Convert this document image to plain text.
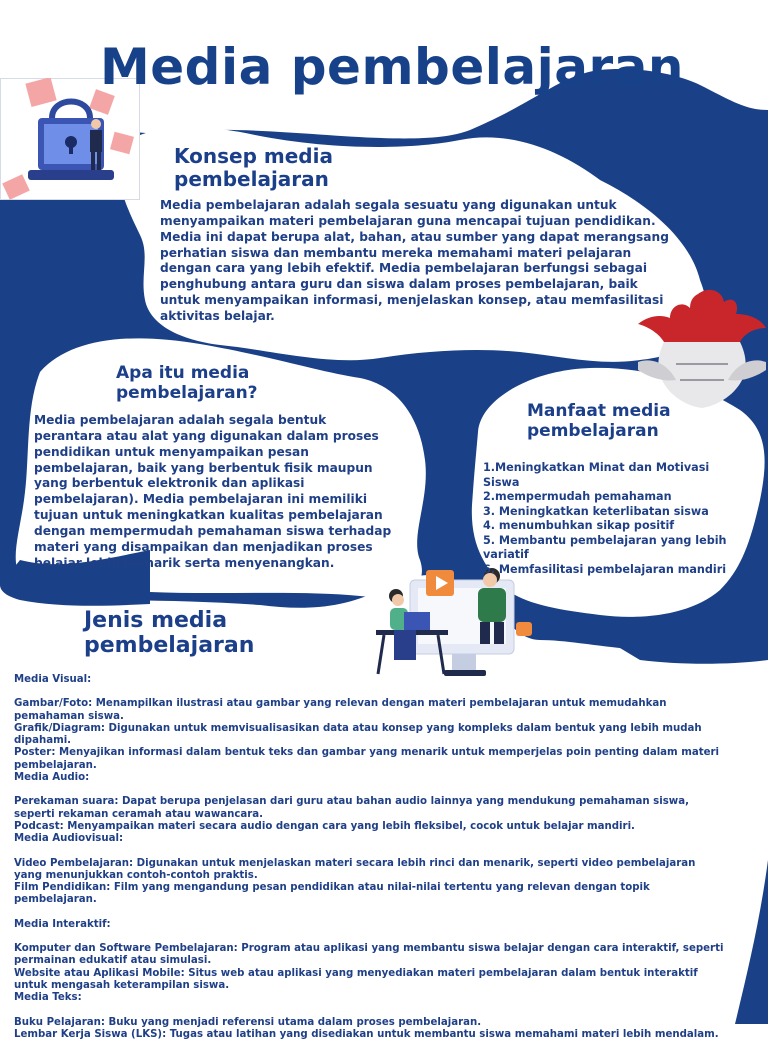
Media pembelajaran
Konsep media
pembelajaran
Media pembelajaran adalah segala sesuatu yang digunakan untuk menyampaikan materi pembelajaran guna mencapai tujuan pendidikan. Media ini dapat berupa alat, bahan, atau sumber yang dapat merangsang perhatian siswa dan membantu mereka memahami materi pelajaran dengan cara yang lebih efektif. Media pembelajaran berfungsi sebagai penghubung antara guru dan siswa dalam proses pembelajaran, baik untuk menyampaikan informasi, menjelaskan konsep, atau memfasilitasi aktivitas belajar.
Apa itu media
pembelajaran?
Media pembelajaran adalah segala bentuk perantara atau alat yang digunakan dalam proses pendidikan untuk menyampaikan pesan pembelajaran, baik yang berbentuk fisik maupun yang berbentuk elektronik dan aplikasi pembelajaran). Media pembelajaran ini memiliki tujuan untuk meningkatkan kualitas pembelajaran dengan mempermudah pemahaman siswa terhadap materi yang disampaikan dan menjadikan proses belajar lebih menarik serta menyenangkan.
Manfaat media
pembelajaran
1.Meningkatkan Minat dan Motivasi Siswa
2.mempermudah pemahaman
3. Meningkatkan keterlibatan siswa
4. menumbuhkan sikap positif
5. Membantu pembelajaran yang lebih variatif
6. Memfasilitasi pembelajaran mandiri
Jenis media
pembelajaran
Media Visual:

Gambar/Foto: Menampilkan ilustrasi atau gambar yang relevan dengan materi pembelajaran untuk memudahkan pemahaman siswa.
Grafik/Diagram: Digunakan untuk memvisualisasikan data atau konsep yang kompleks dalam bentuk yang lebih mudah dipahami.
Poster: Menyajikan informasi dalam bentuk teks dan gambar yang menarik untuk memperjelas poin penting dalam materi pembelajaran.
Media Audio:

Perekaman suara: Dapat berupa penjelasan dari guru atau bahan audio lainnya yang mendukung pemahaman siswa, seperti rekaman ceramah atau wawancara.
Podcast: Menyampaikan materi secara audio dengan cara yang lebih fleksibel, cocok untuk belajar mandiri.
Media Audiovisual:

Video Pembelajaran: Digunakan untuk menjelaskan materi secara lebih rinci dan menarik, seperti video pembelajaran yang menunjukkan contoh-contoh praktis.
Film Pendidikan: Film yang mengandung pesan pendidikan atau nilai-nilai tertentu yang relevan dengan topik pembelajaran.

Media Interaktif:

Komputer dan Software Pembelajaran: Program atau aplikasi yang membantu siswa belajar dengan cara interaktif, seperti permainan edukatif atau simulasi.
Website atau Aplikasi Mobile: Situs web atau aplikasi yang menyediakan materi pembelajaran dalam bentuk interaktif untuk mengasah keterampilan siswa.
Media Teks:

Buku Pelajaran: Buku yang menjadi referensi utama dalam proses pembelajaran.
Lembar Kerja Siswa (LKS): Tugas atau latihan yang disediakan untuk membantu siswa memahami materi lebih mendalam.
